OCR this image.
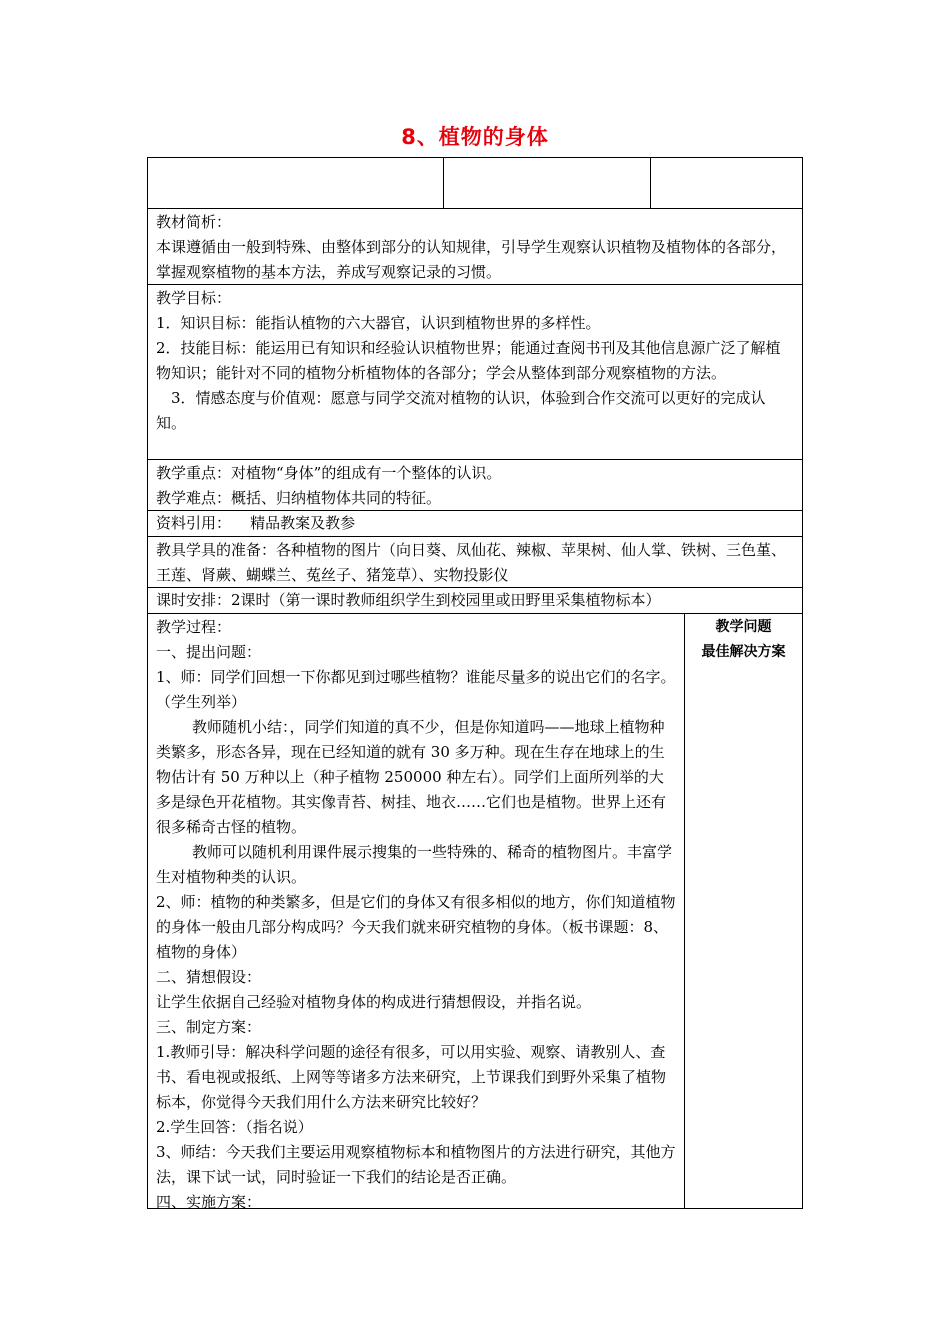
8、植物的身体

教材简析：

本课遵循由一般到特殊、由整体到部分的认知规律，引导学生观察认识植物及植物体的各部分，掌握观察植物的基本方法，养成写观察记录的习惯。

教学目标：

1．知识目标：能指认植物的六大器官，认识到植物世界的多样性。

2．技能目标：能运用已有知识和经验认识植物世界；能通过查阅书刊及其他信息源广泛了解植物知识；能针对不同的植物分析植物体的各部分；学会从整体到部分观察植物的方法。

3．情感态度与价值观：愿意与同学交流对植物的认识，体验到合作交流可以更好的完成认知。

教学重点：对植物“身体”的组成有一个整体的认识。

教学难点：概括、归纳植物体共同的特征。

资料引用：    精品教案及教参

教具学具的准备：各种植物的图片（向日葵、凤仙花、辣椒、苹果树、仙人掌、铁树、三色堇、王莲、肾蕨、蝴蝶兰、菟丝子、猪笼草）、实物投影仪

课时安排：2课时（第一课时教师组织学生到校园里或田野里采集植物标本）

教学过程：

一、提出问题：

1、师：同学们回想一下你都见到过哪些植物？谁能尽量多的说出它们的名字。（学生列举）

教师随机小结：，同学们知道的真不少，但是你知道吗——地球上植物种类繁多，形态各异，现在已经知道的就有 30 多万种。现在生存在地球上的生物估计有 50 万种以上（种子植物 250000 种左右）。同学们上面所列举的大多是绿色开花植物。其实像青苔、树挂、地衣……它们也是植物。世界上还有很多稀奇古怪的植物。

教师可以随机利用课件展示搜集的一些特殊的、稀奇的植物图片。丰富学生对植物种类的认识。

2、师：植物的种类繁多，但是它们的身体又有很多相似的地方，你们知道植物的身体一般由几部分构成吗？今天我们就来研究植物的身体。（板书课题：8、植物的身体）

二、猜想假设：

让学生依据自己经验对植物身体的构成进行猜想假设，并指名说。

三、制定方案：

1.教师引导：解决科学问题的途径有很多，可以用实验、观察、请教别人、查书、看电视或报纸、上网等等诸多方法来研究，上节课我们到野外采集了植物标本，你觉得今天我们用什么方法来研究比较好？

2.学生回答：（指名说）

3、师结：今天我们主要运用观察植物标本和植物图片的方法进行研究，其他方法，课下试一试，同时验证一下我们的结论是否正确。

四、实施方案：

教学问题

最佳解决方案
